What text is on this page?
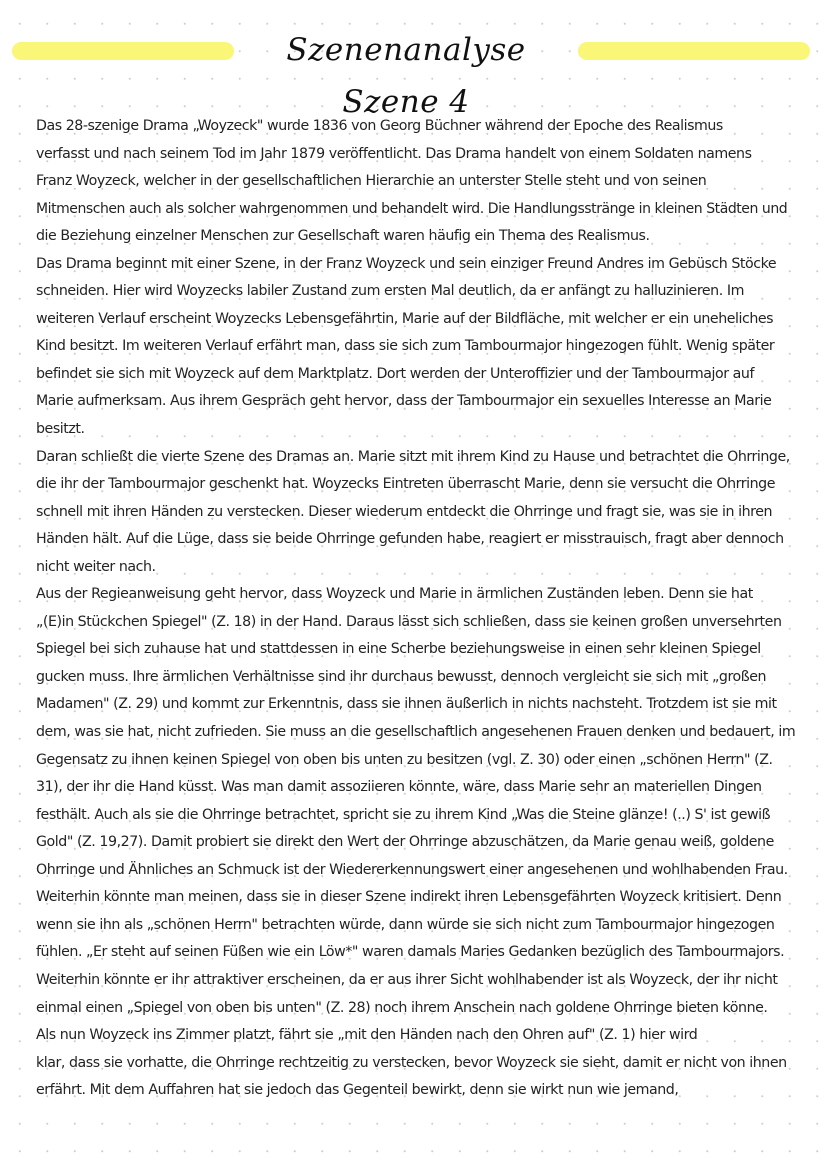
Szenenanalyse Szene 4
Das 28-szenige Drama „Woyzeck" wurde 1836 von Georg Büchner während der Epoche des Realismus
verfasst und nach seinem Tod im Jahr 1879 veröffentlicht. Das Drama handelt von einem Soldaten namens
Franz Woyzeck, welcher in der gesellschaftlichen Hierarchie an unterster Stelle steht und von seinen
Mitmenschen auch als solcher wahrgenommen und behandelt wird. Die Handlungsstränge in kleinen Städten und
die Beziehung einzelner Menschen zur Gesellschaft waren häufig ein Thema des Realismus.
Das Drama beginnt mit einer Szene, in der Franz Woyzeck und sein einziger Freund Andres im Gebüsch Stöcke
schneiden. Hier wird Woyzecks labiler Zustand zum ersten Mal deutlich, da er anfängt zu halluzinieren. Im
weiteren Verlauf erscheint Woyzecks Lebensgefährtin, Marie auf der Bildfläche, mit welcher er ein uneheliches
Kind besitzt. Im weiteren Verlauf erfährt man, dass sie sich zum Tambourmajor hingezogen fühlt. Wenig später
befindet sie sich mit Woyzeck auf dem Marktplatz. Dort werden der Unteroffizier und der Tambourmajor auf
Marie aufmerksam. Aus ihrem Gespräch geht hervor, dass der Tambourmajor ein sexuelles Interesse an Marie
besitzt.
Daran schließt die vierte Szene des Dramas an. Marie sitzt mit ihrem Kind zu Hause und betrachtet die Ohrringe,
die ihr der Tambourmajor geschenkt hat. Woyzecks Eintreten überrascht Marie, denn sie versucht die Ohrringe
schnell mit ihren Händen zu verstecken. Dieser wiederum entdeckt die Ohrringe und fragt sie, was sie in ihren
Händen hält. Auf die Lüge, dass sie beide Ohrringe gefunden habe, reagiert er misstrauisch, fragt aber dennoch
nicht weiter nach.
Aus der Regieanweisung geht hervor, dass Woyzeck und Marie in ärmlichen Zuständen leben. Denn sie hat
„(E)in Stückchen Spiegel" (Z. 18) in der Hand. Daraus lässt sich schließen, dass sie keinen großen unversehrten
Spiegel bei sich zuhause hat und stattdessen in eine Scherbe beziehungsweise in einen sehr kleinen Spiegel
gucken muss. Ihre ärmlichen Verhältnisse sind ihr durchaus bewusst, dennoch vergleicht sie sich mit „großen
Madamen" (Z. 29) und kommt zur Erkenntnis, dass sie ihnen äußerlich in nichts nachsteht. Trotzdem ist sie mit
dem, was sie hat, nicht zufrieden. Sie muss an die gesellschaftlich angesehenen Frauen denken und bedauert, im
Gegensatz zu ihnen keinen Spiegel von oben bis unten zu besitzen (vgl. Z. 30) oder einen „schönen Herrn" (Z.
31), der ihr die Hand küsst. Was man damit assoziieren könnte, wäre, dass Marie sehr an materiellen Dingen
festhält. Auch als sie die Ohrringe betrachtet, spricht sie zu ihrem Kind „Was die Steine glänze! (..) S' ist gewiß
Gold" (Z. 19,27). Damit probiert sie direkt den Wert der Ohrringe abzuschätzen, da Marie genau weiß, goldene
Ohrringe und Ähnliches an Schmuck ist der Wiedererkennungswert einer angesehenen und wohlhabenden Frau.
Weiterhin könnte man meinen, dass sie in dieser Szene indirekt ihren Lebensgefährten Woyzeck kritisiert. Denn
wenn sie ihn als „schönen Herrn" betrachten würde, dann würde sie sich nicht zum Tambourmajor hingezogen
fühlen. „Er steht auf seinen Füßen wie ein Löw*" waren damals Maries Gedanken bezüglich des Tambourmajors.
Weiterhin könnte er ihr attraktiver erscheinen, da er aus ihrer Sicht wohlhabender ist als Woyzeck, der ihr nicht
einmal einen „Spiegel von oben bis unten" (Z. 28) noch ihrem Anschein nach goldene Ohrringe bieten könne.
Als nun Woyzeck ins Zimmer platzt, fährt sie „mit den Händen nach den Ohren auf" (Z. 1) hier wird
klar, dass sie vorhatte, die Ohrringe rechtzeitig zu verstecken, bevor Woyzeck sie sieht, damit er nicht von ihnen
erfährt. Mit dem Auffahren hat sie jedoch das Gegenteil bewirkt, denn sie wirkt nun wie jemand,
